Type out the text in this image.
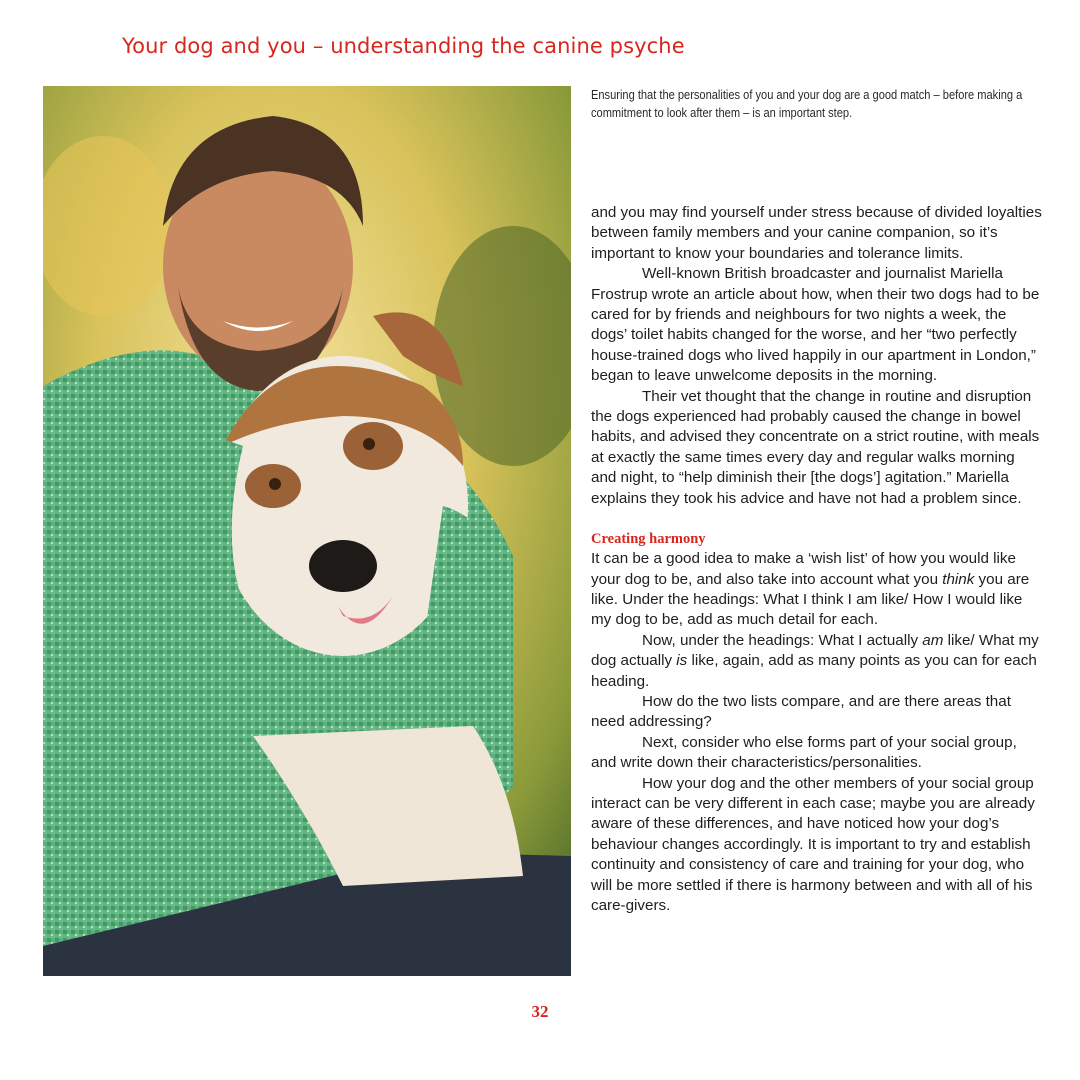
Your dog and you – understanding the canine psyche

Ensuring that the personalities of you and your dog are a good match – before making a commitment to look after them – is an important step.

and you may find yourself under stress because of divided loyalties between family members and your canine companion, so it’s important to know your boundaries and tolerance limits.

Well-known British broadcaster and journalist Mariella Frostrup wrote an article about how, when their two dogs had to be cared for by friends and neighbours for two nights a week, the dogs’ toilet habits changed for the worse, and her “two perfectly house-trained dogs who lived happily in our apartment in London,” began to leave unwelcome deposits in the morning.

Their vet thought that the change in routine and disruption the dogs experienced had probably caused the change in bowel habits, and advised they concentrate on a strict routine, with meals at exactly the same times every day and regular walks morning and night, to “help diminish their [the dogs’] agitation.” Mariella explains they took his advice and have not had a problem since.

Creating harmony

It can be a good idea to make a ‘wish list’ of how you would like your dog to be, and also take into account what you think you are like. Under the headings: What I think I am like/ How I would like my dog to be, add as much detail for each.

Now, under the headings: What I actually am like/ What my dog actually is like, again, add as many points as you can for each heading.

How do the two lists compare, and are there areas that need addressing?

Next, consider who else forms part of your social group, and write down their characteristics/personalities.

How your dog and the other members of your social group interact can be very different in each case; maybe you are already aware of these differences, and have noticed how your dog’s behaviour changes accordingly. It is important to try and establish continuity and consistency of care and training for your dog, who will be more settled if there is harmony between and with all of his care-givers.

32
